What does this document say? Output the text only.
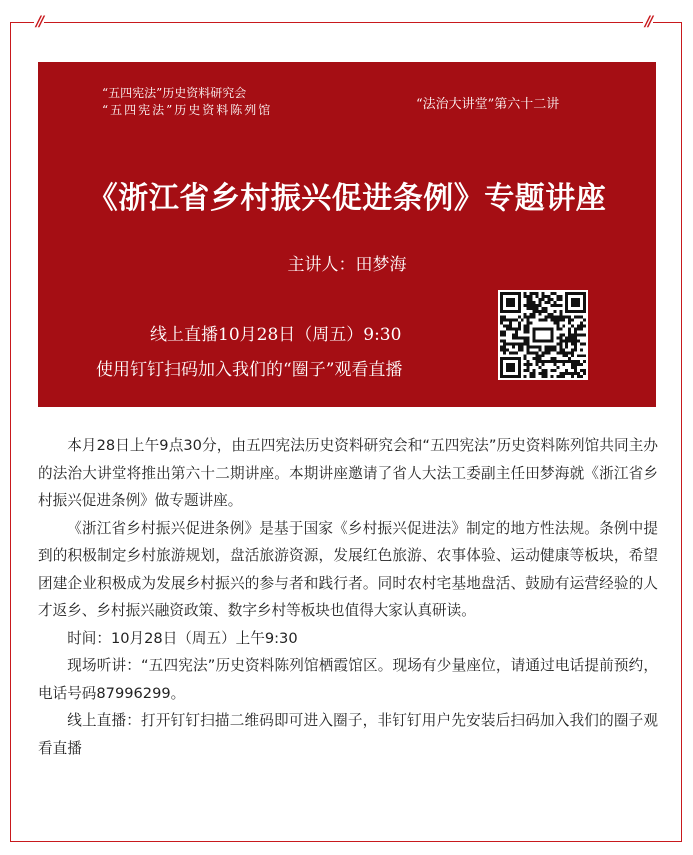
//	//
“五四宪法”历史资料研究会
“五四宪法”历史资料陈列馆	“法治大讲堂”第六十二讲
《浙江省乡村振兴促进条例》专题讲座
主讲人：田梦海
线上直播10月28日（周五）9:30
使用钉钉扫码加入我们的“圈子”观看直播

本月28日上午9点30分，由五四宪法历史资料研究会和“五四宪法”历史资料陈列馆共同主办的法治大讲堂将推出第六十二期讲座。本期讲座邀请了省人大法工委副主任田梦海就《浙江省乡村振兴促进条例》做专题讲座。

《浙江省乡村振兴促进条例》是基于国家《乡村振兴促进法》制定的地方性法规。条例中提到的积极制定乡村旅游规划，盘活旅游资源，发展红色旅游、农事体验、运动健康等板块，希望团建企业积极成为发展乡村振兴的参与者和践行者。同时农村宅基地盘活、鼓励有运营经验的人才返乡、乡村振兴融资政策、数字乡村等板块也值得大家认真研读。

时间：10月28日（周五）上午9:30

现场听讲：“五四宪法”历史资料陈列馆栖霞馆区。现场有少量座位，请通过电话提前预约，电话号码87996299。

线上直播：打开钉钉扫描二维码即可进入圈子，非钉钉用户先安装后扫码加入我们的圈子观看直播
